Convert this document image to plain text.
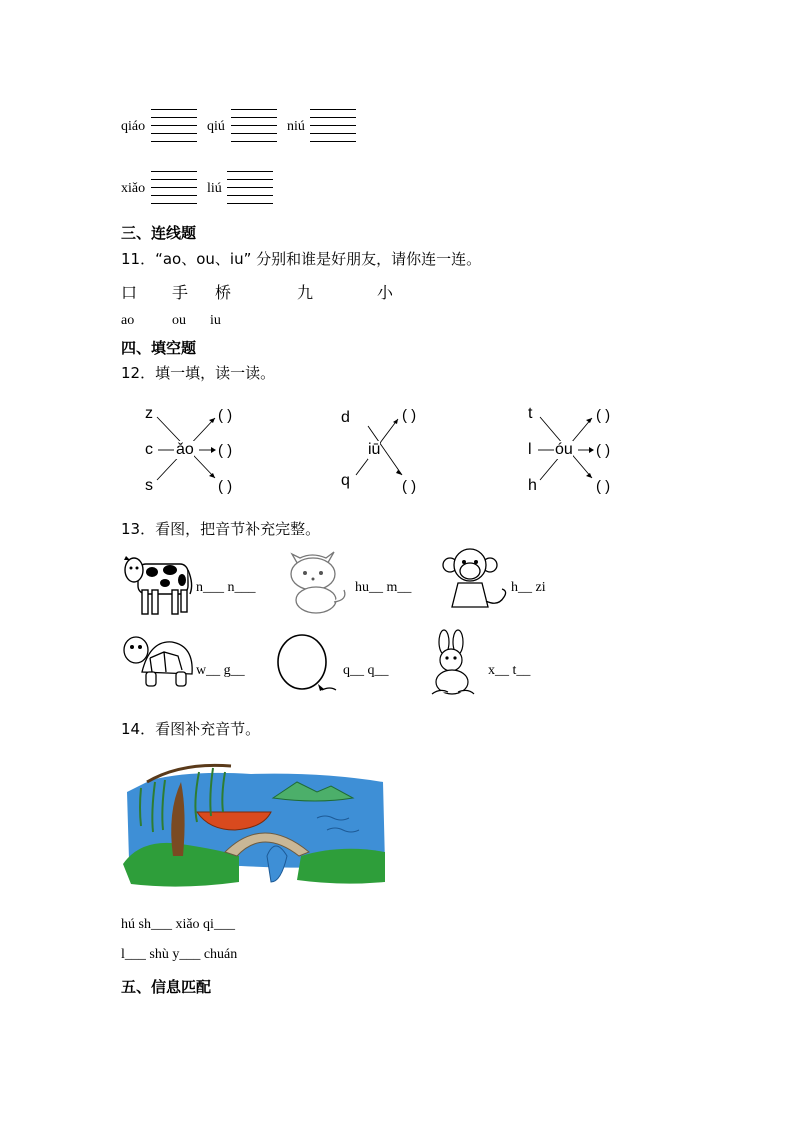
qiáo	qiú	niú
xiǎo	liú
三、连线题
11．“ao、ou、iu” 分别和谁是好朋友，请你连一连。
口 手 桥	九	小
ao	ou iu
四、填空题
12．填一填，读一读。
z
c
s
ǎo
( )
( )
( )
d
q
iū
( )
( )
t
l
h
óu
( )
( )
( )
13．看图，把音节补充完整。
n___ n___	hu__ m__	h__ zi
w__ g__	q__ q__	x__ t__
14．看图补充音节。
hú sh___ xiǎo qi___
l___ shù y___ chuán
五、信息匹配
